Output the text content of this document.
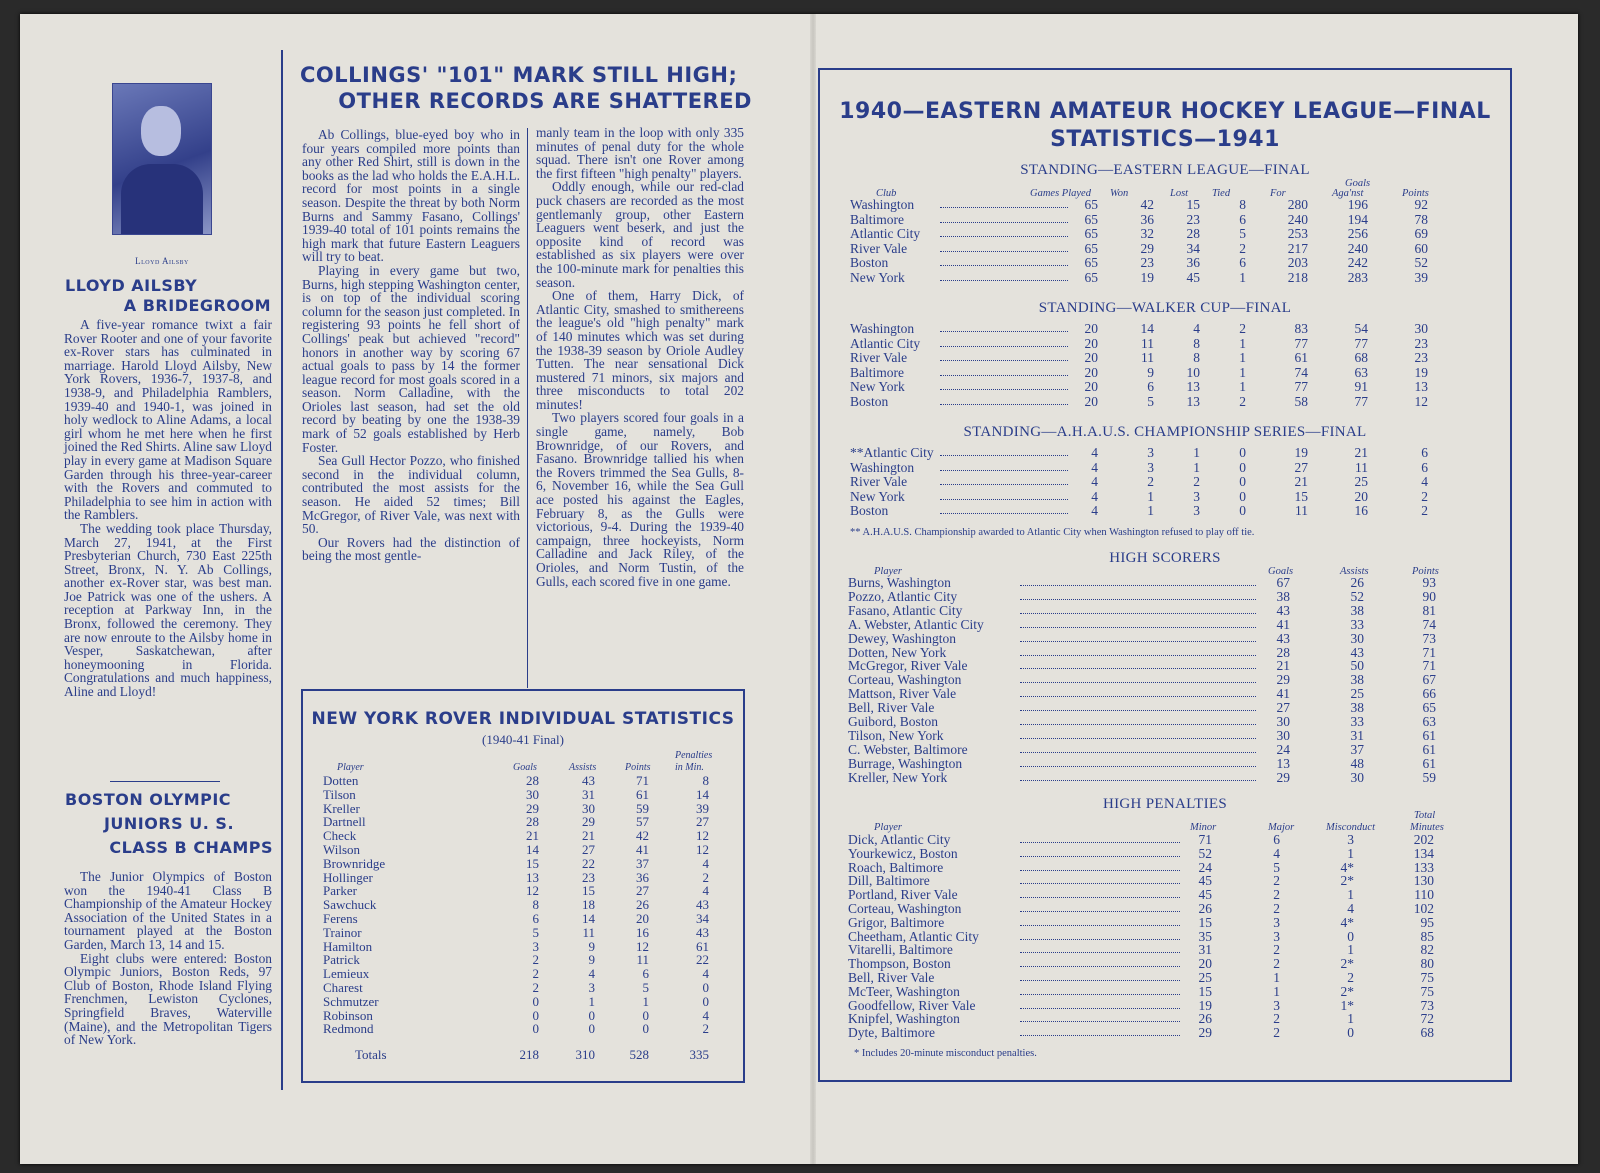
Lloyd Ailsby
LLOYD AILSBY
A BRIDEGROOM

A five-year romance twixt a fair Rover Rooter and one of your favorite ex-Rover stars has culminated in marriage. Harold Lloyd Ailsby, New York Rovers, 1936-7, 1937-8, and 1938-9, and Philadelphia Ramblers, 1939-40 and 1940-1, was joined in holy wedlock to Aline Adams, a local girl whom he met here when he first joined the Red Shirts. Aline saw Lloyd play in every game at Madison Square Garden through his three-year-career with the Rovers and commuted to Philadelphia to see him in action with the Ramblers.

The wedding took place Thursday, March 27, 1941, at the First Presbyterian Church, 730 East 225th Street, Bronx, N. Y. Ab Collings, another ex-Rover star, was best man. Joe Patrick was one of the ushers. A reception at Parkway Inn, in the Bronx, followed the ceremony. They are now enroute to the Ailsby home in Vesper, Saskatchewan, after honeymooning in Florida. Congratulations and much happiness, Aline and Lloyd!

BOSTON OLYMPIC
JUNIORS U. S.
CLASS B CHAMPS

The Junior Olympics of Boston won the 1940-41 Class B Championship of the Amateur Hockey Association of the United States in a tournament played at the Boston Garden, March 13, 14 and 15.

Eight clubs were entered: Boston Olympic Juniors, Boston Reds, 97 Club of Boston, Rhode Island Flying Frenchmen, Lewiston Cyclones, Springfield Braves, Waterville (Maine), and the Metropolitan Tigers of New York.

COLLINGS' "101" MARK STILL HIGH;
OTHER RECORDS ARE SHATTERED

Ab Collings, blue-eyed boy who in four years compiled more points than any other Red Shirt, still is down in the books as the lad who holds the E.A.H.L. record for most points in a single season. Despite the threat by both Norm Burns and Sammy Fasano, Collings' 1939-40 total of 101 points remains the high mark that future Eastern Leaguers will try to beat.

Playing in every game but two, Burns, high stepping Washington center, is on top of the individual scoring column for the season just completed. In registering 93 points he fell short of Collings' peak but achieved "record" honors in another way by scoring 67 actual goals to pass by 14 the former league record for most goals scored in a season. Norm Calladine, with the Orioles last season, had set the old record by beating by one the 1938-39 mark of 52 goals established by Herb Foster.

Sea Gull Hector Pozzo, who finished second in the individual column, contributed the most assists for the season. He aided 52 times; Bill McGregor, of River Vale, was next with 50.

Our Rovers had the distinction of being the most gentle-

manly team in the loop with only 335 minutes of penal duty for the whole squad. There isn't one Rover among the first fifteen "high penalty" players.

Oddly enough, while our red-clad puck chasers are recorded as the most gentlemanly group, other Eastern Leaguers went beserk, and just the opposite kind of record was established as six players were over the 100-minute mark for penalties this season.

One of them, Harry Dick, of Atlantic City, smashed to smithereens the league's old "high penalty" mark of 140 minutes which was set during the 1938-39 season by Oriole Audley Tutten. The near sensational Dick mustered 71 minors, six majors and three misconducts to total 202 minutes!

Two players scored four goals in a single game, namely, Bob Brownridge, of our Rovers, and Fasano. Brownridge tallied his when the Rovers trimmed the Sea Gulls, 8-6, November 16, while the Sea Gull ace posted his against the Eagles, February 8, as the Gulls were victorious, 9-4. During the 1939-40 campaign, three hockeyists, Norm Calladine and Jack Riley, of the Orioles, and Norm Tustin, of the Gulls, each scored five in one game.

NEW YORK ROVER INDIVIDUAL STATISTICS
(1940-41 Final)
Player	Goals	Assists	Points
Penalties
in Min.
Dotten	28	43	71	8
Tilson	30	31	61	14
Kreller	29	30	59	39
Dartnell	28	29	57	27
Check	21	21	42	12
Wilson	14	27	41	12
Brownridge	15	22	37	4
Hollinger	13	23	36	2
Parker	12	15	27	4
Sawchuck	8	18	26	43
Ferens	6	14	20	34
Trainor	5	11	16	43
Hamilton	3	9	12	61
Patrick	2	9	11	22
Lemieux	2	4	6	4
Charest	2	3	5	0
Schmutzer	0	1	1	0
Robinson	0	0	0	4
Redmond	0	0	0	2
Totals	218	310	528	335
1940—EASTERN AMATEUR HOCKEY LEAGUE—FINAL
STATISTICS—1941
STANDING—EASTERN LEAGUE—FINAL
Goals
Club	Games Played Won	Lost Tied	For	Aga'nst	Points
Washington	65	42	15	8	280	196	92
Baltimore	65	36	23	6	240	194	78
Atlantic City	65	32	28	5	253	256	69
River Vale	65	29	34	2	217	240	60
Boston	65	23	36	6	203	242	52
New York	65	19	45	1	218	283	39
STANDING—WALKER CUP—FINAL
Washington	20	14	4	2	83	54	30
Atlantic City	20	11	8	1	77	77	23
River Vale	20	11	8	1	61	68	23
Baltimore	20	9	10	1	74	63	19
New York	20	6	13	1	77	91	13
Boston	20	5	13	2	58	77	12
STANDING—A.H.A.U.S. CHAMPIONSHIP SERIES—FINAL
**Atlantic City	4	3	1	0	19	21	6
Washington	4	3	1	0	27	11	6
River Vale	4	2	2	0	21	25	4
New York	4	1	3	0	15	20	2
Boston	4	1	3	0	11	16	2
** A.H.A.U.S. Championship awarded to Atlantic City when Washington refused to play off tie.
HIGH SCORERS
Player	Goals	Assists	Points
Burns, Washington	67	26	93
Pozzo, Atlantic City	38	52	90
Fasano, Atlantic City	43	38	81
A. Webster, Atlantic City	41	33	74
Dewey, Washington	43	30	73
Dotten, New York	28	43	71
McGregor, River Vale	21	50	71
Corteau, Washington	29	38	67
Mattson, River Vale	41	25	66
Bell, River Vale	27	38	65
Guibord, Boston	30	33	63
Tilson, New York	30	31	61
C. Webster, Baltimore	24	37	61
Burrage, Washington	13	48	61
Kreller, New York	29	30	59
HIGH PENALTIES
Player	Minor	Major	Misconduct
Total
Minutes
Dick, Atlantic City	71	6	3	202
Yourkewicz, Boston	52	4	1	134
Roach, Baltimore	24	5	4*	133
Dill, Baltimore	45	2	2*	130
Portland, River Vale	45	2	1	110
Corteau, Washington	26	2	4	102
Grigor, Baltimore	15	3	4*	95
Cheetham, Atlantic City	35	3	0	85
Vitarelli, Baltimore	31	2	1	82
Thompson, Boston	20	2	2*	80
Bell, River Vale	25	1	2	75
McTeer, Washington	15	1	2*	75
Goodfellow, River Vale	19	3	1*	73
Knipfel, Washington	26	2	1	72
Dyte, Baltimore	29	2	0	68
* Includes 20-minute misconduct penalties.
